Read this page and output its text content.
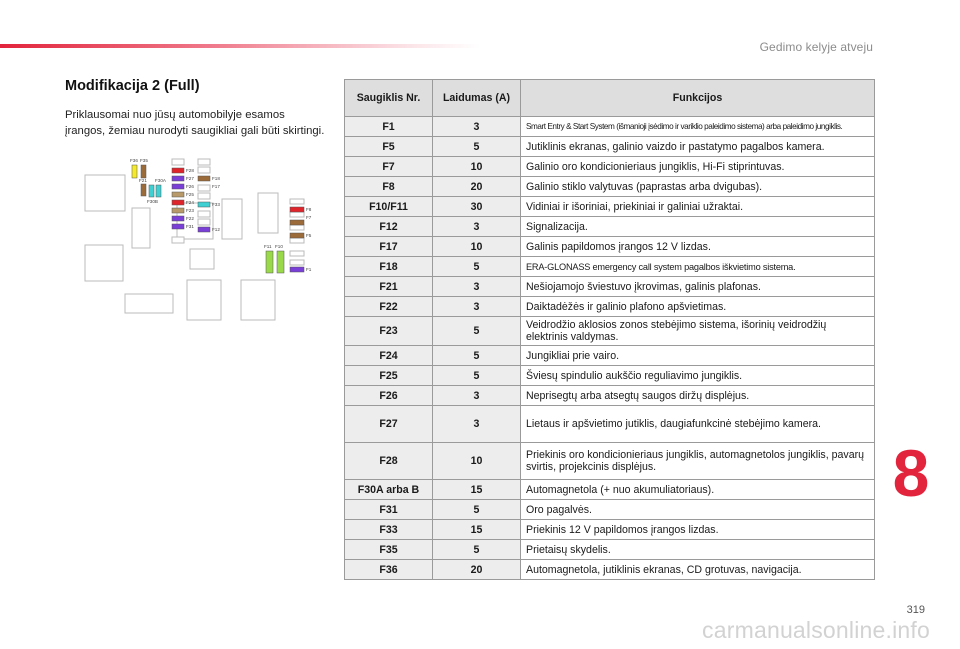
Gedimo kelyje atveju
Modifikacija 2 (Full)

Priklausomai nuo jūsų automobilyje esamos įrangos, žemiau nurodyti saugikliai gali būti skirtingi.

F36 F35
F21 F30A
F30B
F28
F27
F26
F25
F24
F23
F22
F31
F18
F17
F33
F12
F8
F7
F5
F1
F11 F10
Saugiklis Nr.	Laidumas (A)	Funkcijos
F1	3	Smart Entry & Start System (išmanioji įsėdimo ir variklio paleidimo sistema) arba paleidimo jungiklis.
F5	5	Jutiklinis ekranas, galinio vaizdo ir pastatymo pagalbos kamera.
F7	10	Galinio oro kondicionieriaus jungiklis, Hi-Fi stiprintuvas.
F8	20	Galinio stiklo valytuvas (paprastas arba dvigubas).
F10/F11	30	Vidiniai ir išoriniai, priekiniai ir galiniai užraktai.
F12	3	Signalizacija.
F17	10	Galinis papildomos įrangos 12 V lizdas.
F18	5	ERA-GLONASS emergency call system pagalbos iškvietimo sistema.
F21	3	Nešiojamojo šviestuvo įkrovimas, galinis plafonas.
F22	3	Daiktadėžės ir galinio plafono apšvietimas.
F23	5	Veidrodžio aklosios zonos stebėjimo sistema, išorinių veidrodžių elektrinis valdymas.
F24	5	Jungikliai prie vairo.
F25	5	Šviesų spindulio aukščio reguliavimo jungiklis.
F26	3	Neprisegtų arba atsegtų saugos diržų displėjus.
F27	3	Lietaus ir apšvietimo jutiklis, daugiafunkcinė stebėjimo kamera.
F28	10	Priekinis oro kondicionieriaus jungiklis, automagnetolos jungiklis, pavarų svirtis, projekcinis displėjus.
F30A arba B	15	Automagnetola (+ nuo akumuliatoriaus).
F31	5	Oro pagalvės.
F33	15	Priekinis 12 V papildomos įrangos lizdas.
F35	5	Prietaisų skydelis.
F36	20	Automagnetola, jutiklinis ekranas, CD grotuvas, navigacija.
8
319
carmanualsonline.info
